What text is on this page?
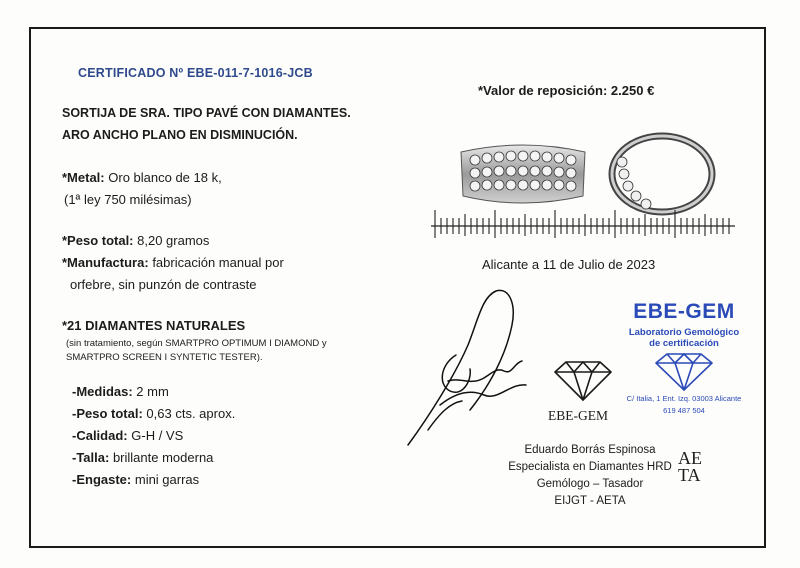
CERTIFICADO Nº EBE-011-7-1016-JCB
SORTIJA DE SRA. TIPO PAVÉ CON DIAMANTES.
ARO ANCHO PLANO EN DISMINUCIÓN.
*Metal: Oro blanco de 18 k,
(1ª ley 750 milésimas)
*Peso total: 8,20 gramos
*Manufactura: fabricación manual por
orfebre, sin punzón de contraste
*21 DIAMANTES NATURALES
(sin tratamiento, según SMARTPRO OPTIMUM I DIAMOND y
SMARTPRO SCREEN I SYNTETIC TESTER).
-Medidas: 2 mm
-Peso total: 0,63 cts. aprox.
-Calidad: G-H / VS
-Talla: brillante moderna
-Engaste: mini garras
*Valor de reposición: 2.250 €
Alicante a 11 de Julio de 2023
EBE-GEM
EBE-GEM
Laboratorio Gemológico
de certificación
C/ Italia, 1 Ent. Izq. 03003 Alicante
619 487 504
Eduardo Borrás Espinosa
Especialista en Diamantes HRD
Gemólogo – Tasador
EIJGT - AETA
AE
TA
